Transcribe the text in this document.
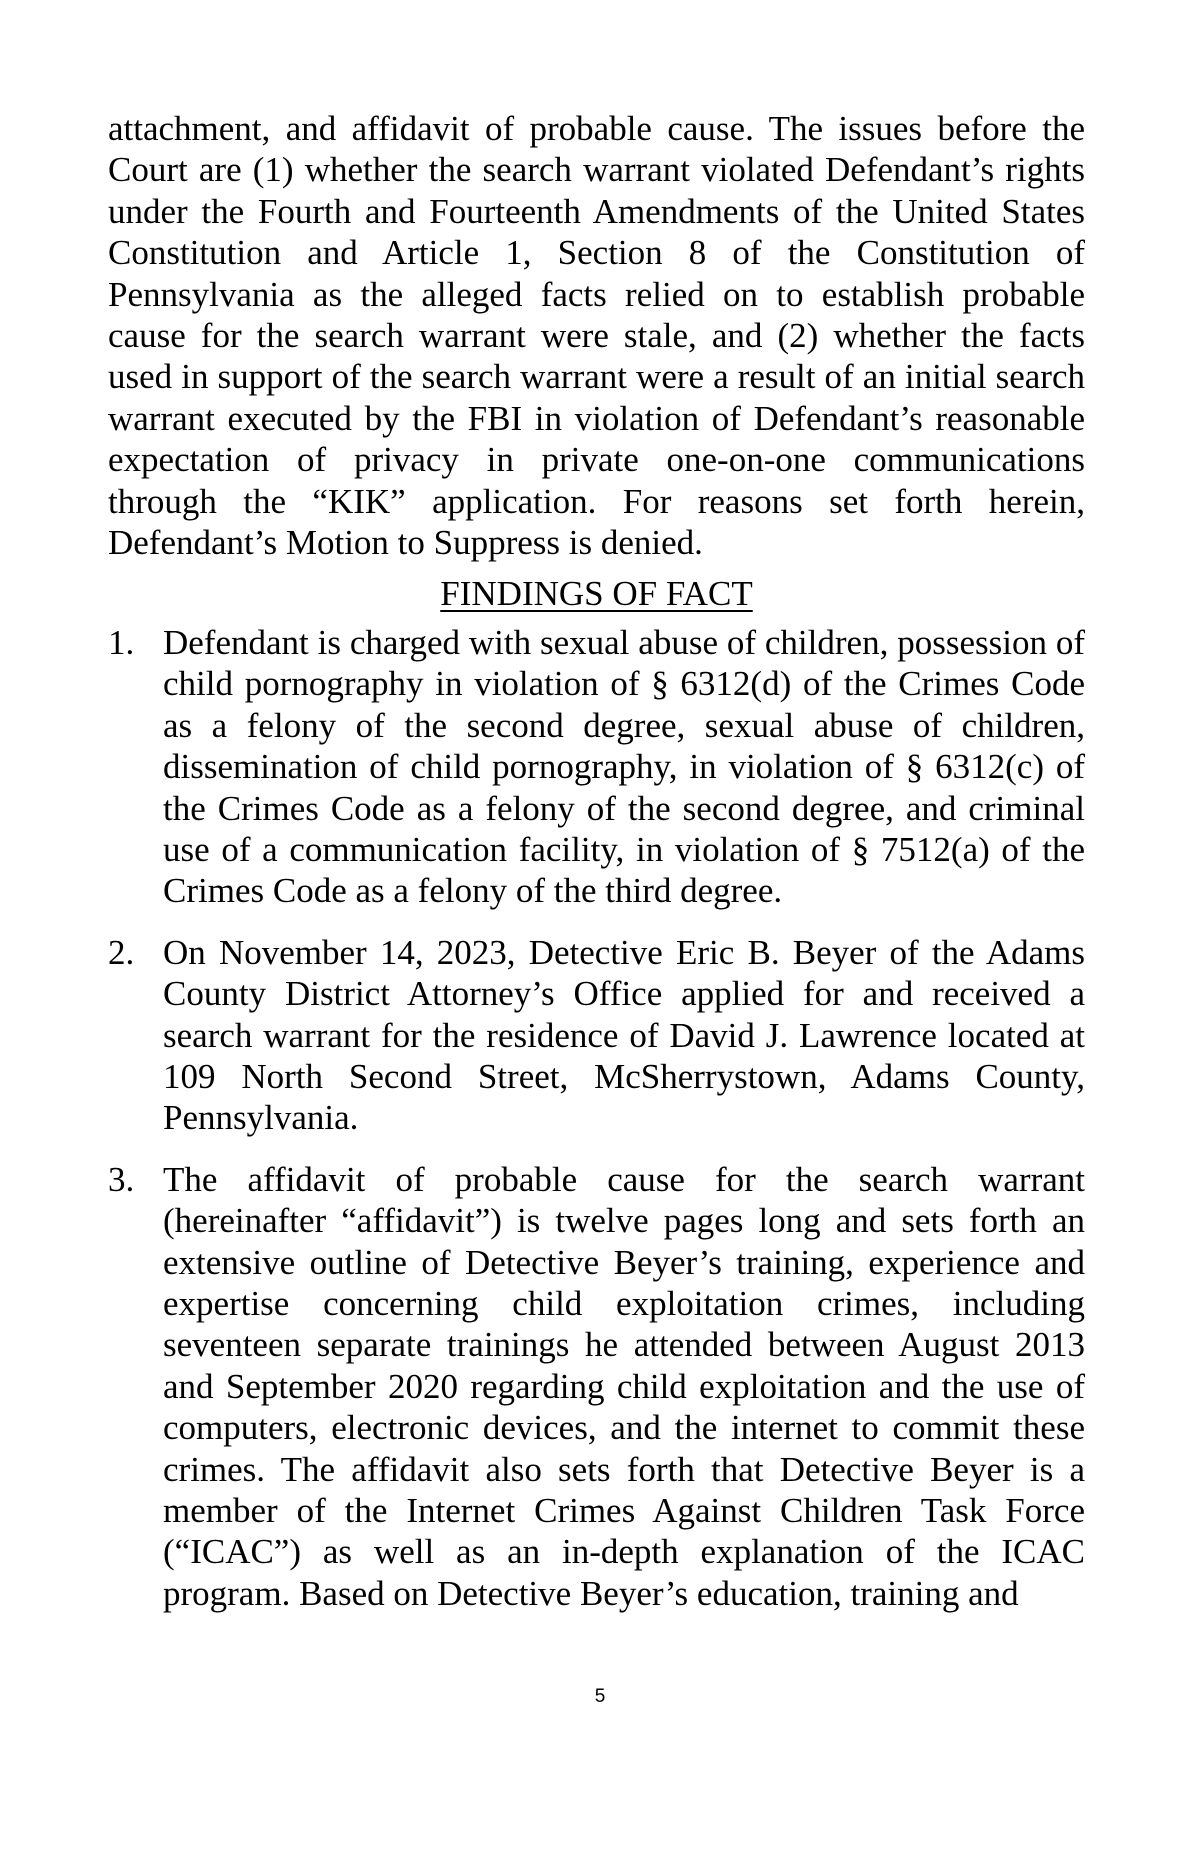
attachment, and affidavit of probable cause. The issues before the Court are (1) whether the search warrant violated Defendant’s rights under the Fourth and Fourteenth Amendments of the United States Constitution and Article 1, Section 8 of the Constitution of Pennsylvania as the alleged facts relied on to establish probable cause for the search warrant were stale, and (2) whether the facts used in support of the search warrant were a result of an initial search warrant executed by the FBI in violation of Defendant’s reasonable expectation of privacy in private one-on-one communications through the “KIK” application. For reasons set forth herein, Defendant’s Motion to Suppress is denied.

FINDINGS OF FACT
1. Defendant is charged with sexual abuse of children, possession of child pornography in violation of § 6312(d) of the Crimes Code as a felony of the second degree, sexual abuse of children, dissemination of child pornography, in violation of § 6312(c) of the Crimes Code as a felony of the second degree, and criminal use of a communication facility, in violation of § 7512(a) of the Crimes Code as a felony of the third degree.

2. On November 14, 2023, Detective Eric B. Beyer of the Adams County District Attorney’s Office applied for and received a search warrant for the residence of David J. Lawrence located at 109 North Second Street, McSherrystown, Adams County, Pennsylvania.

3. The affidavit of probable cause for the search warrant (hereinafter “affidavit”) is twelve pages long and sets forth an extensive outline of Detective Beyer’s training, experience and expertise concerning child exploitation crimes, including seventeen separate trainings he attended between August 2013 and September 2020 regarding child exploitation and the use of computers, electronic devices, and the internet to commit these crimes. The affidavit also sets forth that Detective Beyer is a member of the Internet Crimes Against Children Task Force (“ICAC”) as well as an in-depth explanation of the ICAC program. Based on Detective Beyer’s education, training and

5
